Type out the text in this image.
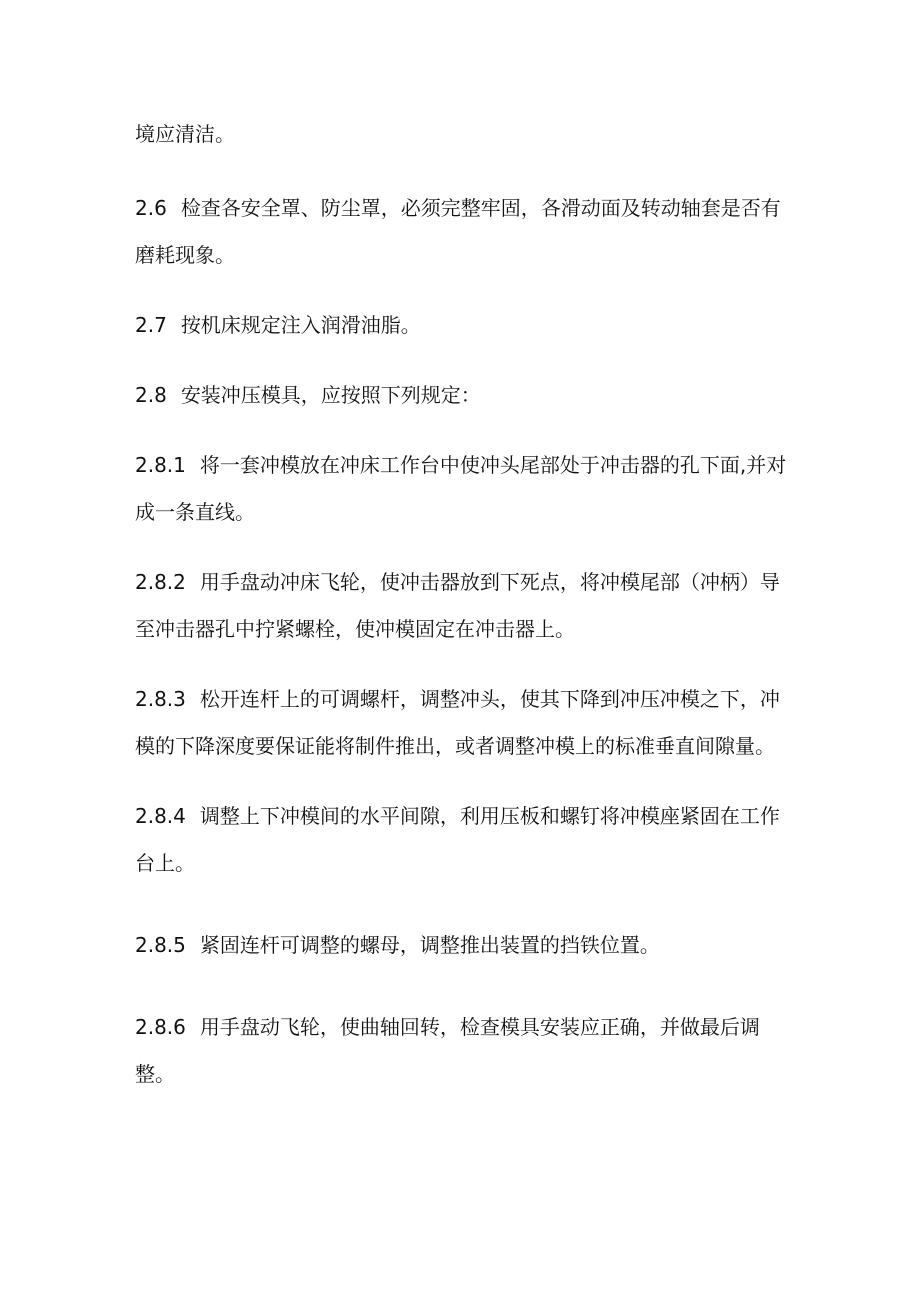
境应清洁。
2.6 检查各安全罩、防尘罩，必须完整牢固，各滑动面及转动轴套是否有
磨耗现象。
2.7 按机床规定注入润滑油脂。
2.8 安装冲压模具，应按照下列规定：
2.8.1 将一套冲模放在冲床工作台中使冲头尾部处于冲击器的孔下面,并对
成一条直线。
2.8.2 用手盘动冲床飞轮，使冲击器放到下死点，将冲模尾部（冲柄）导
至冲击器孔中拧紧螺栓，使冲模固定在冲击器上。
2.8.3 松开连杆上的可调螺杆，调整冲头，使其下降到冲压冲模之下，冲
模的下降深度要保证能将制件推出，或者调整冲模上的标准垂直间隙量。
2.8.4 调整上下冲模间的水平间隙，利用压板和螺钉将冲模座紧固在工作
台上。
2.8.5 紧固连杆可调整的螺母，调整推出装置的挡铁位置。
2.8.6 用手盘动飞轮，使曲轴回转，检查模具安装应正确，并做最后调
整。
